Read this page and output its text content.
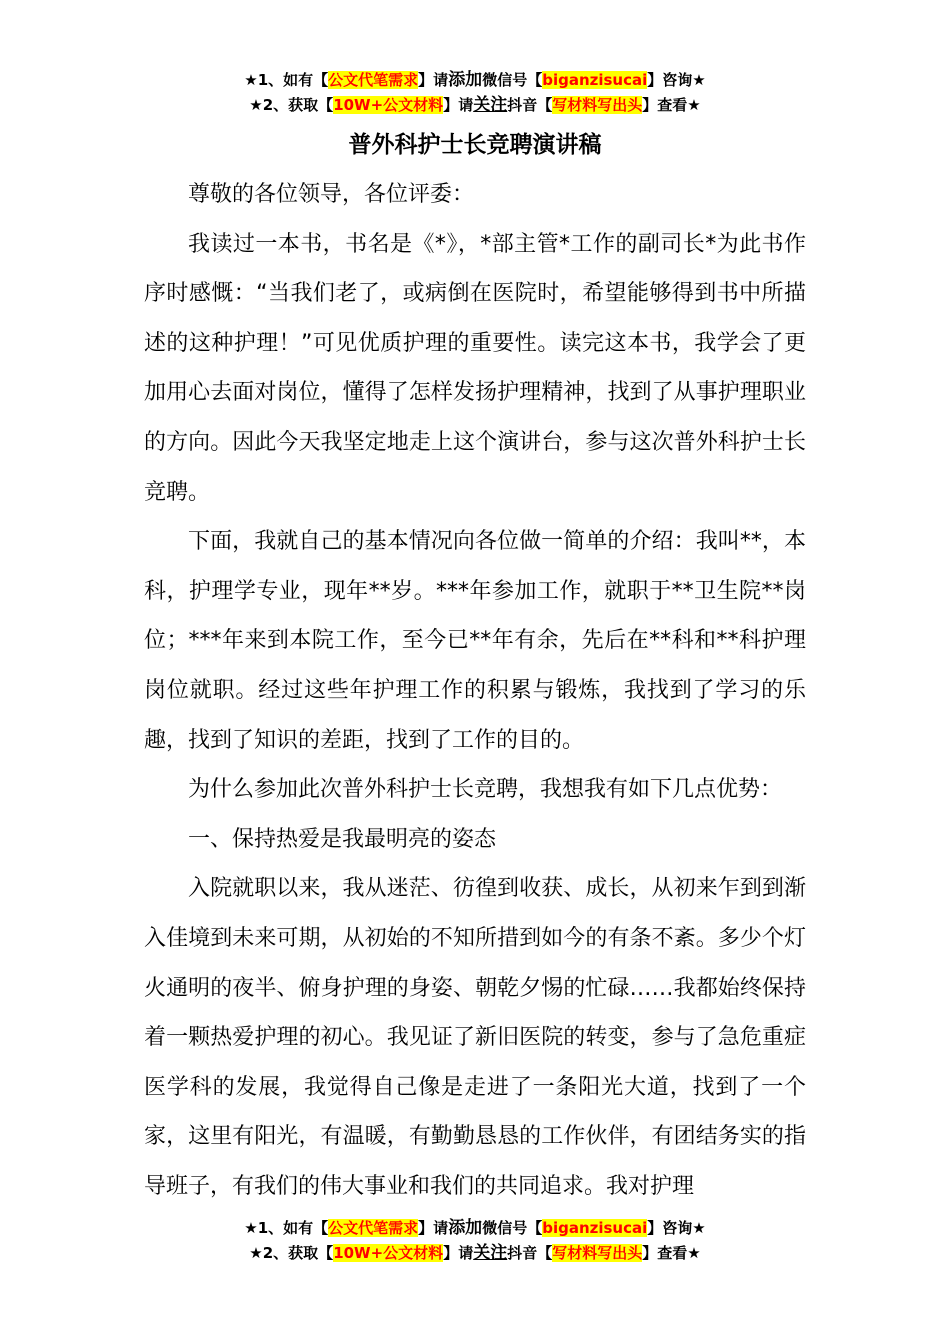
★1、如有【公文代笔需求】请添加微信号【biganzisucai】咨询★
★2、获取【10W+公文材料】请关注抖音【写材料写出头】查看★
普外科护士长竞聘演讲稿

尊敬的各位领导，各位评委：

我读过一本书，书名是《*》，*部主管*工作的副司长*为此书作序时感慨：“当我们老了，或病倒在医院时，希望能够得到书中所描述的这种护理！”可见优质护理的重要性。读完这本书，我学会了更加用心去面对岗位，懂得了怎样发扬护理精神，找到了从事护理职业的方向。因此今天我坚定地走上这个演讲台，参与这次普外科护士长竞聘。

下面，我就自己的基本情况向各位做一简单的介绍：我叫**，本科，护理学专业，现年**岁。***年参加工作，就职于**卫生院**岗位；***年来到本院工作，至今已**年有余，先后在**科和**科护理岗位就职。经过这些年护理工作的积累与锻炼，我找到了学习的乐趣，找到了知识的差距，找到了工作的目的。

为什么参加此次普外科护士长竞聘，我想我有如下几点优势：

一、保持热爱是我最明亮的姿态

入院就职以来，我从迷茫、彷徨到收获、成长，从初来乍到到渐入佳境到未来可期，从初始的不知所措到如今的有条不紊。多少个灯火通明的夜半、俯身护理的身姿、朝乾夕惕的忙碌……我都始终保持着一颗热爱护理的初心。我见证了新旧医院的转变，参与了急危重症医学科的发展，我觉得自己像是走进了一条阳光大道，找到了一个家，这里有阳光，有温暖，有勤勤恳恳的工作伙伴，有团结务实的指导班子，有我们的伟大事业和我们的共同追求。我对护理

★1、如有【公文代笔需求】请添加微信号【biganzisucai】咨询★
★2、获取【10W+公文材料】请关注抖音【写材料写出头】查看★
